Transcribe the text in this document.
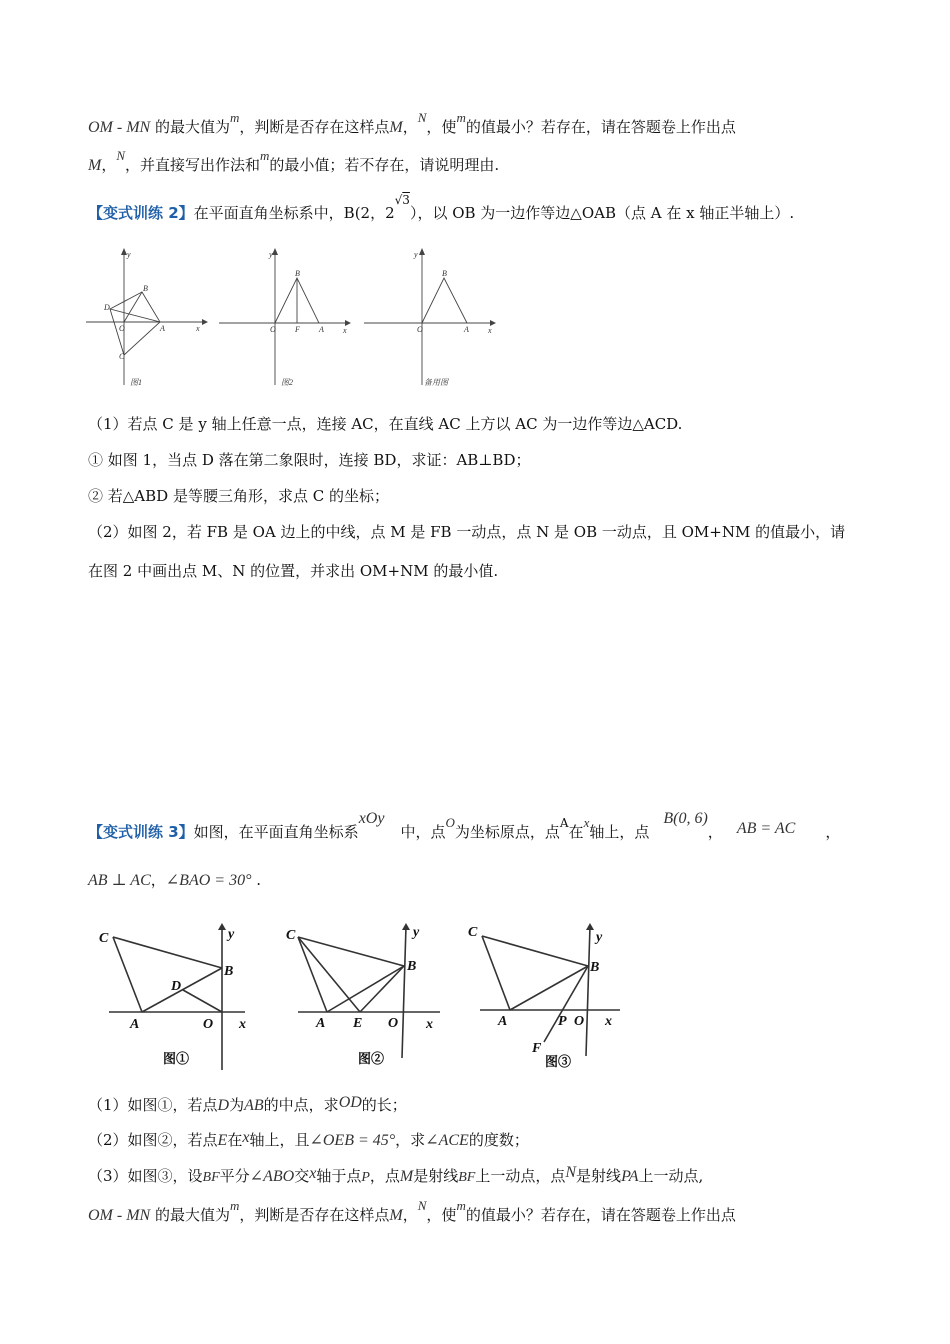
OM - MN 的最大值为m，判断是否存在这样点M，N，使m的值最小？若存在，请在答题卷上作出点
M，N，并直接写出作法和m的最小值；若不存在，请说明理由.
【变式训练 2】在平面直角坐标系中，B(2，$2^{√3}$），以 OB 为一边作等边△OAB（点 A 在 x 轴正半轴上）.
y
x
B
D
O	A
C
图1
y
x
B
O F A
图2
y
x
B
O	A
备用图
（1）若点 C 是 y 轴上任意一点，连接 AC，在直线 AC 上方以 AC 为一边作等边△ACD.
① 如图 1，当点 D 落在第二象限时，连接 BD，求证：AB⊥BD；
② 若△ABD 是等腰三角形，求点 C 的坐标；
（2）如图 2，若 FB 是 OA 边上的中线，点 M 是 FB 一动点，点 N 是 OB 一动点，且 OM+NM 的值最小，请
在图 2 中画出点 M、N 的位置，并求出 OM+NM 的最小值.
【变式训练 3】如图，在平面直角坐标系xOy中，点O为坐标原点，点$^A$在x轴上，点B(0, 6)， AB = AC ，
AB ⊥ AC，∠BAO = 30° .
C	y
B
D
A	O x
图①
C	y
B
A E O x
图②
C	y
B
A	P O x
F
图③
（1）如图①，若点D为AB的中点，求OD的长；
（2）如图②，若点E在x轴上，且∠OEB = 45°，求∠ACE的度数；
（3）如图③，设BF平分∠ABO交x轴于点P，点M是射线BF上一动点，点N是射线PA上一动点,
OM - MN 的最大值为m，判断是否存在这样点M，N，使m的值最小？若存在，请在答题卷上作出点
